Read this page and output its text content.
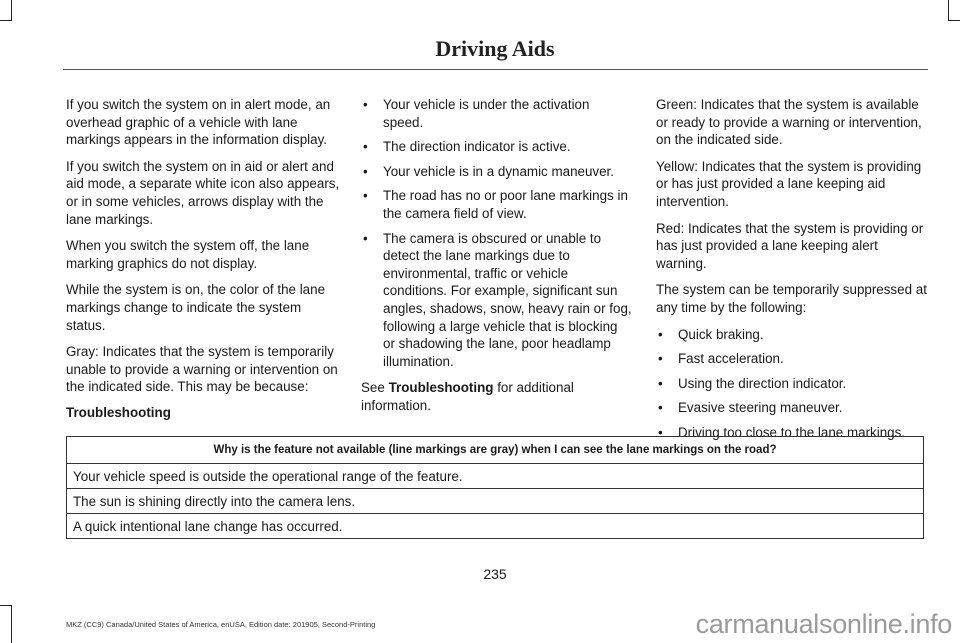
Driving Aids

If you switch the system on in alert mode, an overhead graphic of a vehicle with lane markings appears in the information display.

If you switch the system on in aid or alert and aid mode, a separate white icon also appears, or in some vehicles, arrows display with the lane markings.

When you switch the system off, the lane marking graphics do not display.

While the system is on, the color of the lane markings change to indicate the system status.

Gray: Indicates that the system is temporarily unable to provide a warning or intervention on the indicated side. This may be because:

• Your vehicle is under the activation speed.
• The direction indicator is active.
• Your vehicle is in a dynamic maneuver.
• The road has no or poor lane markings in the camera field of view.
• The camera is obscured or unable to detect the lane markings due to environmental, traffic or vehicle conditions. For example, significant sun angles, shadows, snow, heavy rain or fog, following a large vehicle that is blocking or shadowing the lane, poor headlamp illumination.

See Troubleshooting for additional information.

Green: Indicates that the system is available or ready to provide a warning or intervention, on the indicated side.

Yellow: Indicates that the system is providing or has just provided a lane keeping aid intervention.

Red: Indicates that the system is providing or has just provided a lane keeping alert warning.

The system can be temporarily suppressed at any time by the following:

• Quick braking.
• Fast acceleration.
• Using the direction indicator.
• Evasive steering maneuver.
• Driving too close to the lane markings.
Troubleshooting
Why is the feature not available (line markings are gray) when I can see the lane markings on the road?
Your vehicle speed is outside the operational range of the feature.
The sun is shining directly into the camera lens.
A quick intentional lane change has occurred.
235
MKZ (CC9) Canada/United States of America, enUSA, Edition date: 201905, Second-Printing	carmanualsonline.info
